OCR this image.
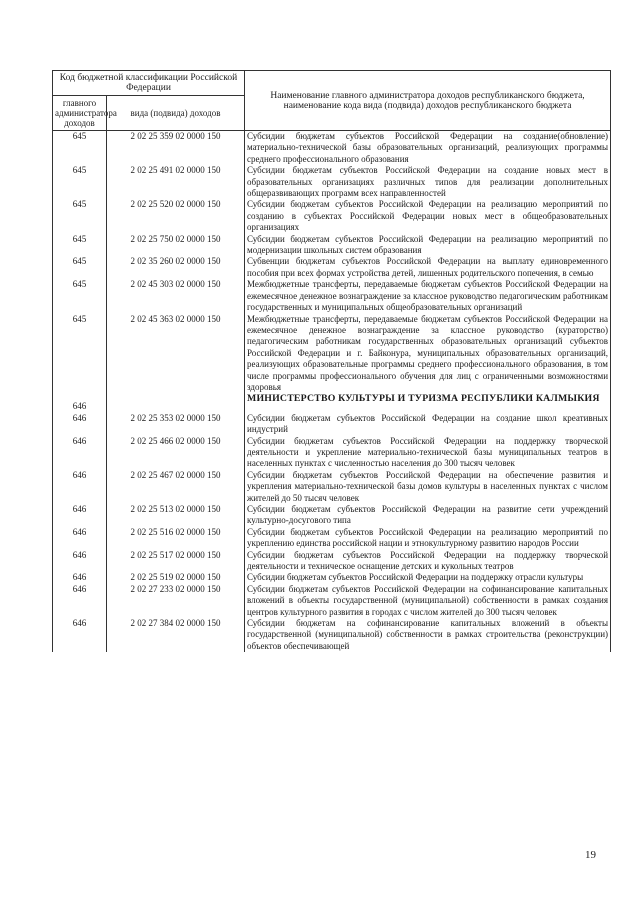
Код бюджетной классификации Российской Федерации		Наименование главного администратора доходов республиканского бюджета, наименование кода вида (подвида) доходов республиканского бюджета
главного администратора доходов	вида (подвида) доходов	
645	2 02 25 359 02 0000 150	Субсидии бюджетам субъектов Российской Федерации на создание(обновление) материально-технической базы образовательных организаций, реализующих программы среднего профессионального образования
645	2 02 25 491 02 0000 150	Субсидии бюджетам субъектов Российской Федерации на создание новых мест в образовательных организациях различных типов для реализации дополнительных общеразвивающих программ всех направленностей
645	2 02 25 520 02 0000 150	Субсидии бюджетам субъектов Российской Федерации на реализацию мероприятий по созданию в субъектах Российской Федерации новых мест в общеобразовательных организациях
645	2 02 25 750 02 0000 150	Субсидии бюджетам субъектов Российской Федерации на реализацию мероприятий по модернизации школьных систем образования
645	2 02 35 260 02 0000 150	Субвенции бюджетам субъектов Российской Федерации на выплату единовременного пособия при всех формах устройства детей, лишенных родительского попечения, в семью
645	2 02 45 303 02 0000 150	Межбюджетные трансферты, передаваемые бюджетам субъектов Российской Федерации на ежемесячное денежное вознаграждение за классное руководство педагогическим работникам государственных и муниципальных общеобразовательных организаций
645	2 02 45 363 02 0000 150	Межбюджетные трансферты, передаваемые бюджетам субъектов Российской Федерации на ежемесячное денежное вознаграждение за классное руководство (кураторство) педагогическим работникам государственных образовательных организаций субъектов Российской Федерации и г. Байконура, муниципальных образовательных организаций, реализующих образовательные программы среднего профессионального образования, в том числе программы профессионального обучения для лиц с ограниченными возможностями здоровья
646		МИНИСТЕРСТВО КУЛЬТУРЫ И ТУРИЗМА РЕСПУБЛИКИ КАЛМЫКИЯ
646	2 02 25 353 02 0000 150	Субсидии бюджетам субъектов Российской Федерации на создание школ креативных индустрий
646	2 02 25 466 02 0000 150	Субсидии бюджетам субъектов Российской Федерации на поддержку творческой деятельности и укрепление материально-технической базы муниципальных театров в населенных пунктах с численностью населения до 300 тысяч человек
646	2 02 25 467 02 0000 150	Субсидии бюджетам субъектов Российской Федерации на обеспечение развития и укрепления материально-технической базы домов культуры в населенных пунктах с числом жителей до 50 тысяч человек
646	2 02 25 513 02 0000 150	Субсидии бюджетам субъектов Российской Федерации на развитие сети учреждений культурно-досугового типа
646	2 02 25 516 02 0000 150	Субсидии бюджетам субъектов Российской Федерации на реализацию мероприятий по укреплению единства российской нации и этнокультурному развитию народов России
646	2 02 25 517 02 0000 150	Субсидии бюджетам субъектов Российской Федерации на поддержку творческой деятельности и техническое оснащение детских и кукольных театров
646	2 02 25 519 02 0000 150	Субсидии бюджетам субъектов Российской Федерации на поддержку отрасли культуры
646	2 02 27 233 02 0000 150	Субсидии бюджетам субъектов Российской Федерации на софинансирование капитальных вложений в объекты государственной (муниципальной) собственности в рамках создания центров культурного развития в городах с числом жителей до 300 тысяч человек
646	2 02 27 384 02 0000 150	Субсидии бюджетам на софинансирование капитальных вложений в объекты государственной (муниципальной) собственности в рамках строительства (реконструкции) объектов обеспечивающей
19
